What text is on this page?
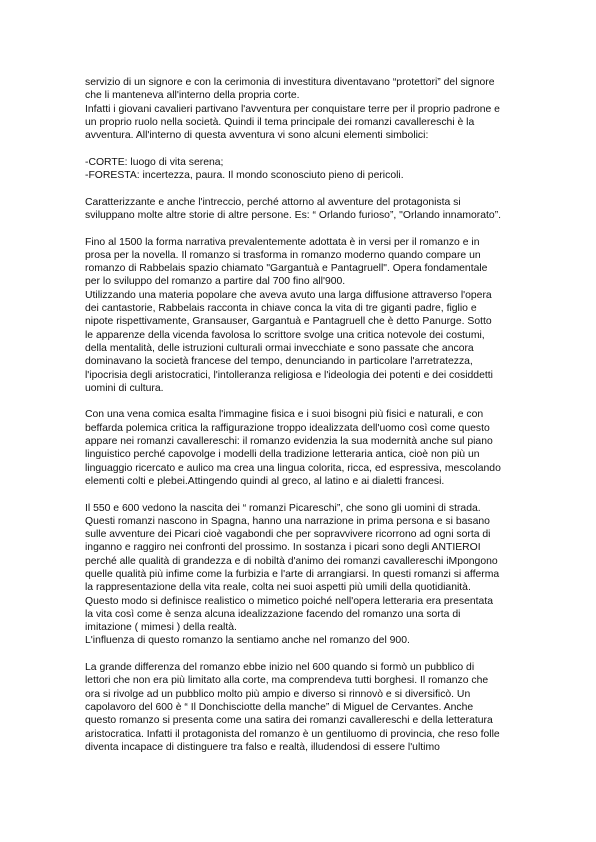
servizio di un signore e con la cerimonia di investitura diventavano “protettori” del signore
che li manteneva all'interno della propria corte.
Infatti i giovani cavalieri partivano l'avventura per conquistare terre per il proprio padrone e
un proprio ruolo nella società. Quindi il tema principale dei romanzi cavallereschi è la
avventura. All'interno di questa avventura vi sono alcuni elementi simbolici:
-CORTE: luogo di vita serena;
-FORESTA: incertezza, paura. Il mondo sconosciuto pieno di pericoli.
Caratterizzante e anche l'intreccio, perché attorno al avventure del protagonista si
sviluppano molte altre storie di altre persone. Es: “ Orlando furioso”, "Orlando innamorato”.
Fino al 1500 la forma narrativa prevalentemente adottata è in versi per il romanzo e in
prosa per la novella. Il romanzo si trasforma in romanzo moderno quando compare un
romanzo di Rabbelais spazio chiamato "Gargantuà e Pantagruell". Opera fondamentale
per lo sviluppo del romanzo a partire dal 700 fino all'900.
Utilizzando una materia popolare che aveva avuto una larga diffusione attraverso l'opera
dei cantastorie, Rabbelais racconta in chiave conca la vita di tre giganti padre, figlio e
nipote rispettivamente, Gransauser, Gargantuà e Pantagruell che è detto Panurge. Sotto
le apparenze della vicenda favolosa lo scrittore svolge una critica notevole dei costumi,
della mentalità, delle istruzioni culturali ormai invecchiate e sono passate che ancora
dominavano la società francese del tempo, denunciando in particolare l'arretratezza,
l'ipocrisia degli aristocratici, l'intolleranza religiosa e l'ideologia dei potenti e dei cosiddetti
uomini di cultura.
Con una vena comica esalta l'immagine fisica e i suoi bisogni più fisici e naturali, e con
beffarda polemica critica la raffigurazione troppo idealizzata dell'uomo così come questo
appare nei romanzi cavallereschi: il romanzo evidenzia la sua modernità anche sul piano
linguistico perché capovolge i modelli della tradizione letteraria antica, cioè non più un
linguaggio ricercato e aulico ma crea una lingua colorita, ricca, ed espressiva, mescolando
elementi colti e plebei.Attingendo quindi al greco, al latino e ai dialetti francesi.
Il 550 e 600 vedono la nascita dei “ romanzi Picareschi”, che sono gli uomini di strada.
Questi romanzi nascono in Spagna, hanno una narrazione in prima persona e si basano
sulle avventure dei Picari cioè vagabondi che per sopravvivere ricorrono ad ogni sorta di
inganno e raggiro nei confronti del prossimo. In sostanza i picari sono degli ANTIEROI
perché alle qualità di grandezza e di nobiltà d'animo dei romanzi cavallereschi iMpongono
quelle qualità più infime come la furbizia e l'arte di arrangiarsi. In questi romanzi si afferma
la rappresentazione della vita reale, colta nei suoi aspetti più umili della quotidianità.
Questo modo si definisce realistico o mimetico poiché nell'opera letteraria era presentata
la vita così come è senza alcuna idealizzazione facendo del romanzo una sorta di
imitazione ( mimesi ) della realtà.
L'influenza di questo romanzo la sentiamo anche nel romanzo del 900.
La grande differenza del romanzo ebbe inizio nel 600 quando si formò un pubblico di
lettori che non era più limitato alla corte, ma comprendeva tutti borghesi. Il romanzo che
ora si rivolge ad un pubblico molto più ampio e diverso si rinnovò e si diversificò. Un
capolavoro del 600 è “ Il Donchisciotte della manche” di Miguel de Cervantes. Anche
questo romanzo si presenta come una satira dei romanzi cavallereschi e della letteratura
aristocratica. Infatti il protagonista del romanzo è un gentiluomo di provincia, che reso folle
diventa incapace di distinguere tra falso e realtà, illudendosi di essere l'ultimo
